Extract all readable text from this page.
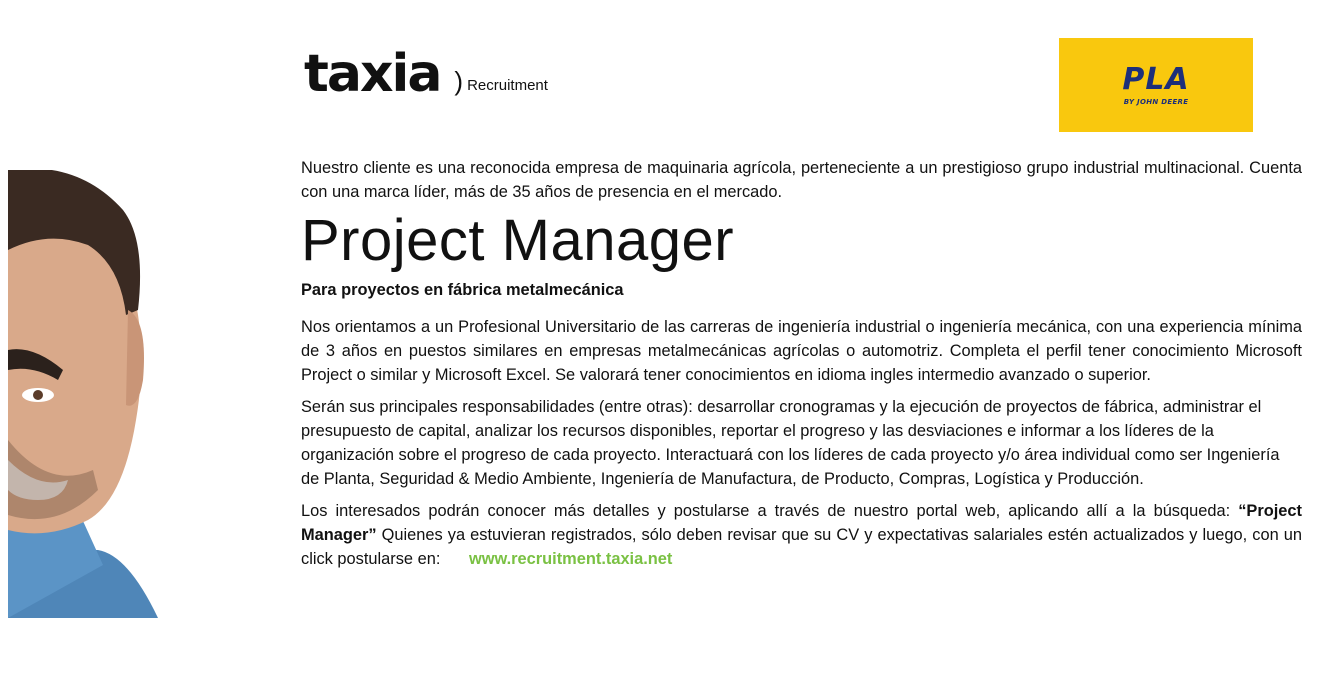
taxia ) Recruitment	PLA
BY JOHN DEERE

Nuestro cliente es una reconocida empresa de maquinaria agrícola, perteneciente a un prestigioso grupo industrial multinacional. Cuenta con una marca líder, más de 35 años de presencia en el mercado.

Project Manager

Para proyectos en fábrica metalmecánica

Nos orientamos a un Profesional Universitario de las carreras de ingeniería industrial o ingeniería mecánica, con una experiencia mínima de 3 años en puestos similares en empresas metalmecánicas agrícolas o automotriz. Completa el perfil tener conocimiento Microsoft Project o similar y Microsoft Excel. Se valorará tener conocimientos en idioma ingles intermedio avanzado o superior.

Serán sus principales responsabilidades (entre otras): desarrollar cronogramas y la ejecución de proyectos de fábrica, administrar el presupuesto de capital, analizar los recursos disponibles, reportar el progreso y las desviaciones e informar a los líderes de la organización sobre el progreso de cada proyecto. Interactuará con los líderes de cada proyecto y/o área individual como ser Ingeniería de Planta, Seguridad & Medio Ambiente, Ingeniería de Manufactura, de Producto, Compras, Logística y Producción.

Los interesados podrán conocer más detalles y postularse a través de nuestro portal web, aplicando allí a la búsqueda: “Project Manager” Quienes ya estuvieran registrados, sólo deben revisar que su CV y expectativas salariales estén actualizados y luego, con un click postularse en: www.recruitment.taxia.net
